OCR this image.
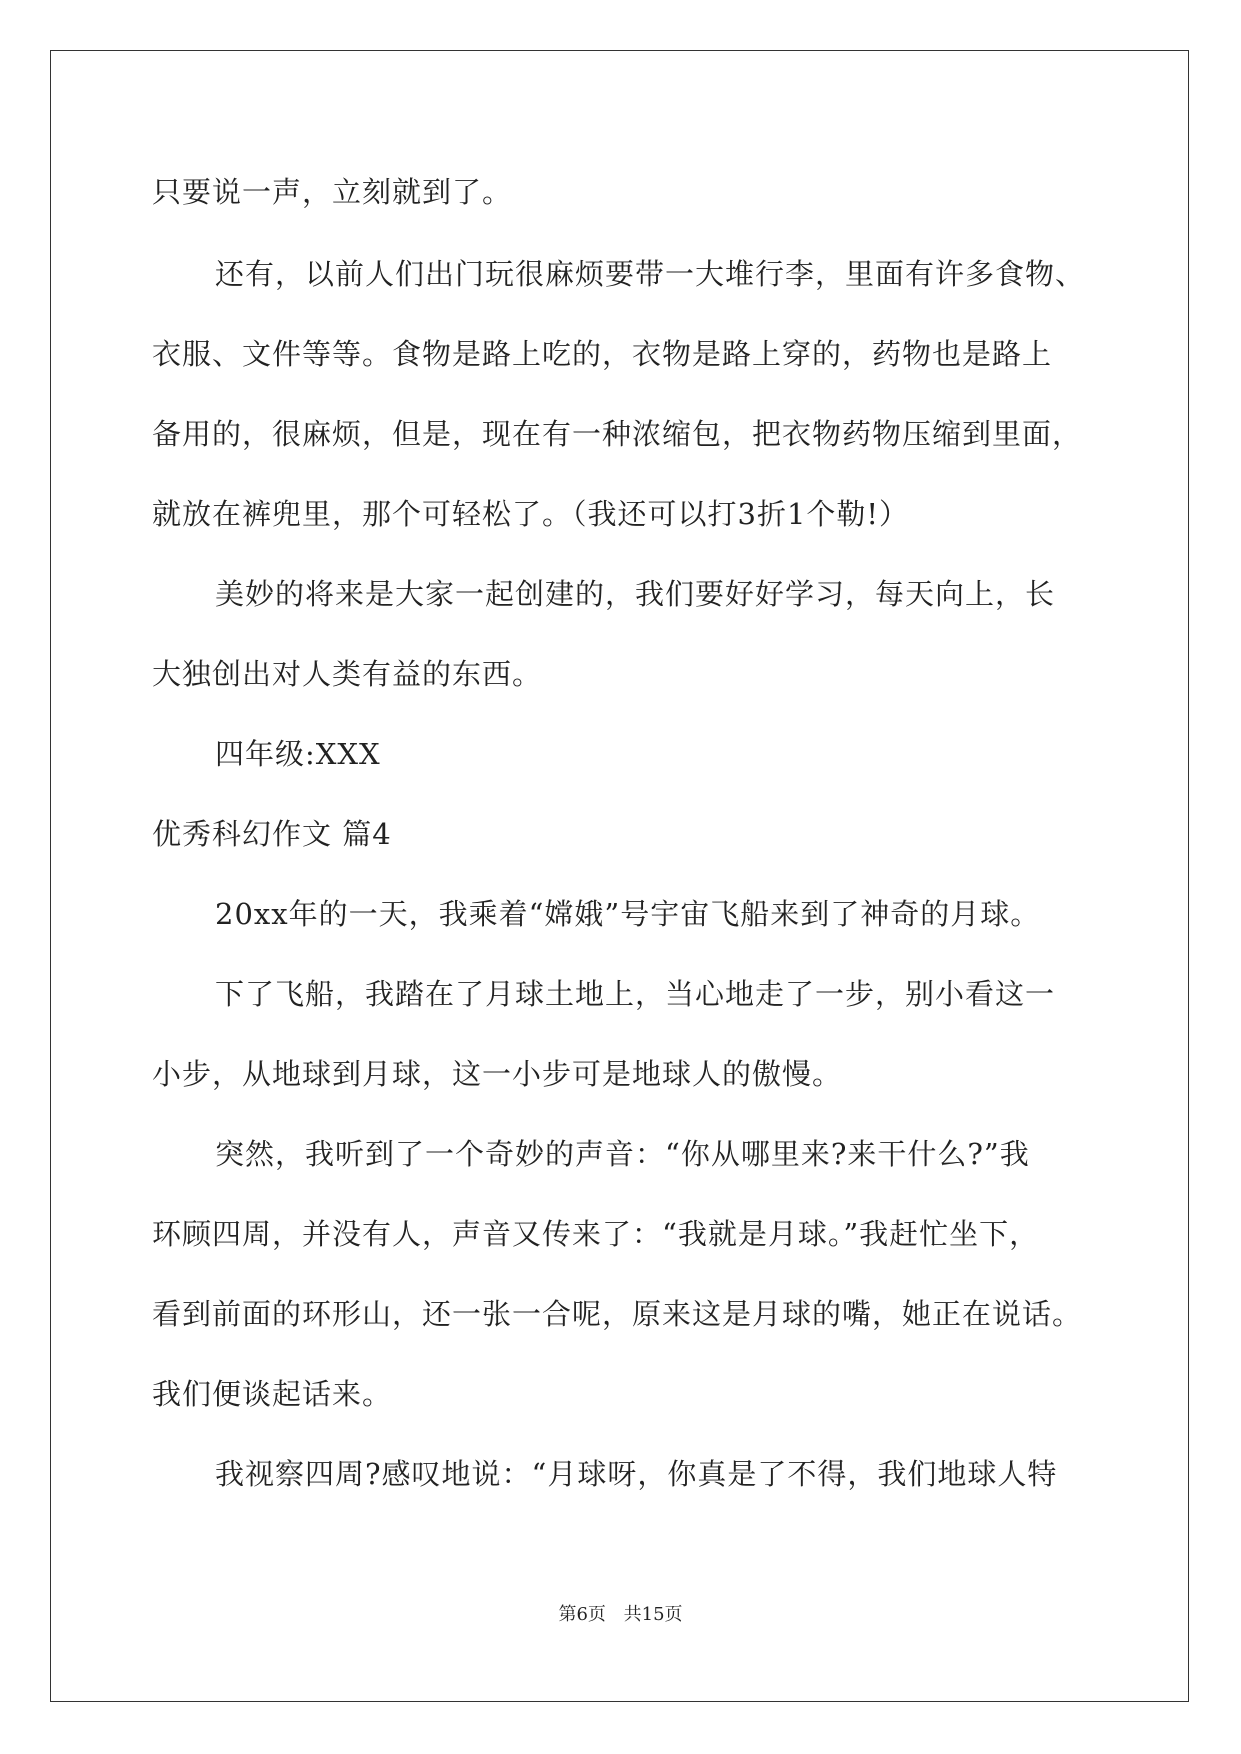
只要说一声，立刻就到了。
还有，以前人们出门玩很麻烦要带一大堆行李，里面有许多食物、
衣服、文件等等。食物是路上吃的，衣物是路上穿的，药物也是路上
备用的，很麻烦，但是，现在有一种浓缩包，把衣物药物压缩到里面，
就放在裤兜里，那个可轻松了。（我还可以打3折1个勒!）
美妙的将来是大家一起创建的，我们要好好学习，每天向上，长
大独创出对人类有益的东西。
四年级:XXX
优秀科幻作文 篇4
20xx年的一天，我乘着“嫦娥”号宇宙飞船来到了神奇的月球。
下了飞船，我踏在了月球土地上，当心地走了一步，别小看这一
小步，从地球到月球，这一小步可是地球人的傲慢。
突然，我听到了一个奇妙的声音：“你从哪里来?来干什么?”我
环顾四周，并没有人，声音又传来了：“我就是月球。”我赶忙坐下，
看到前面的环形山，还一张一合呢，原来这是月球的嘴，她正在说话。
我们便谈起话来。
我视察四周?感叹地说：“月球呀，你真是了不得，我们地球人特
第6页 共15页
